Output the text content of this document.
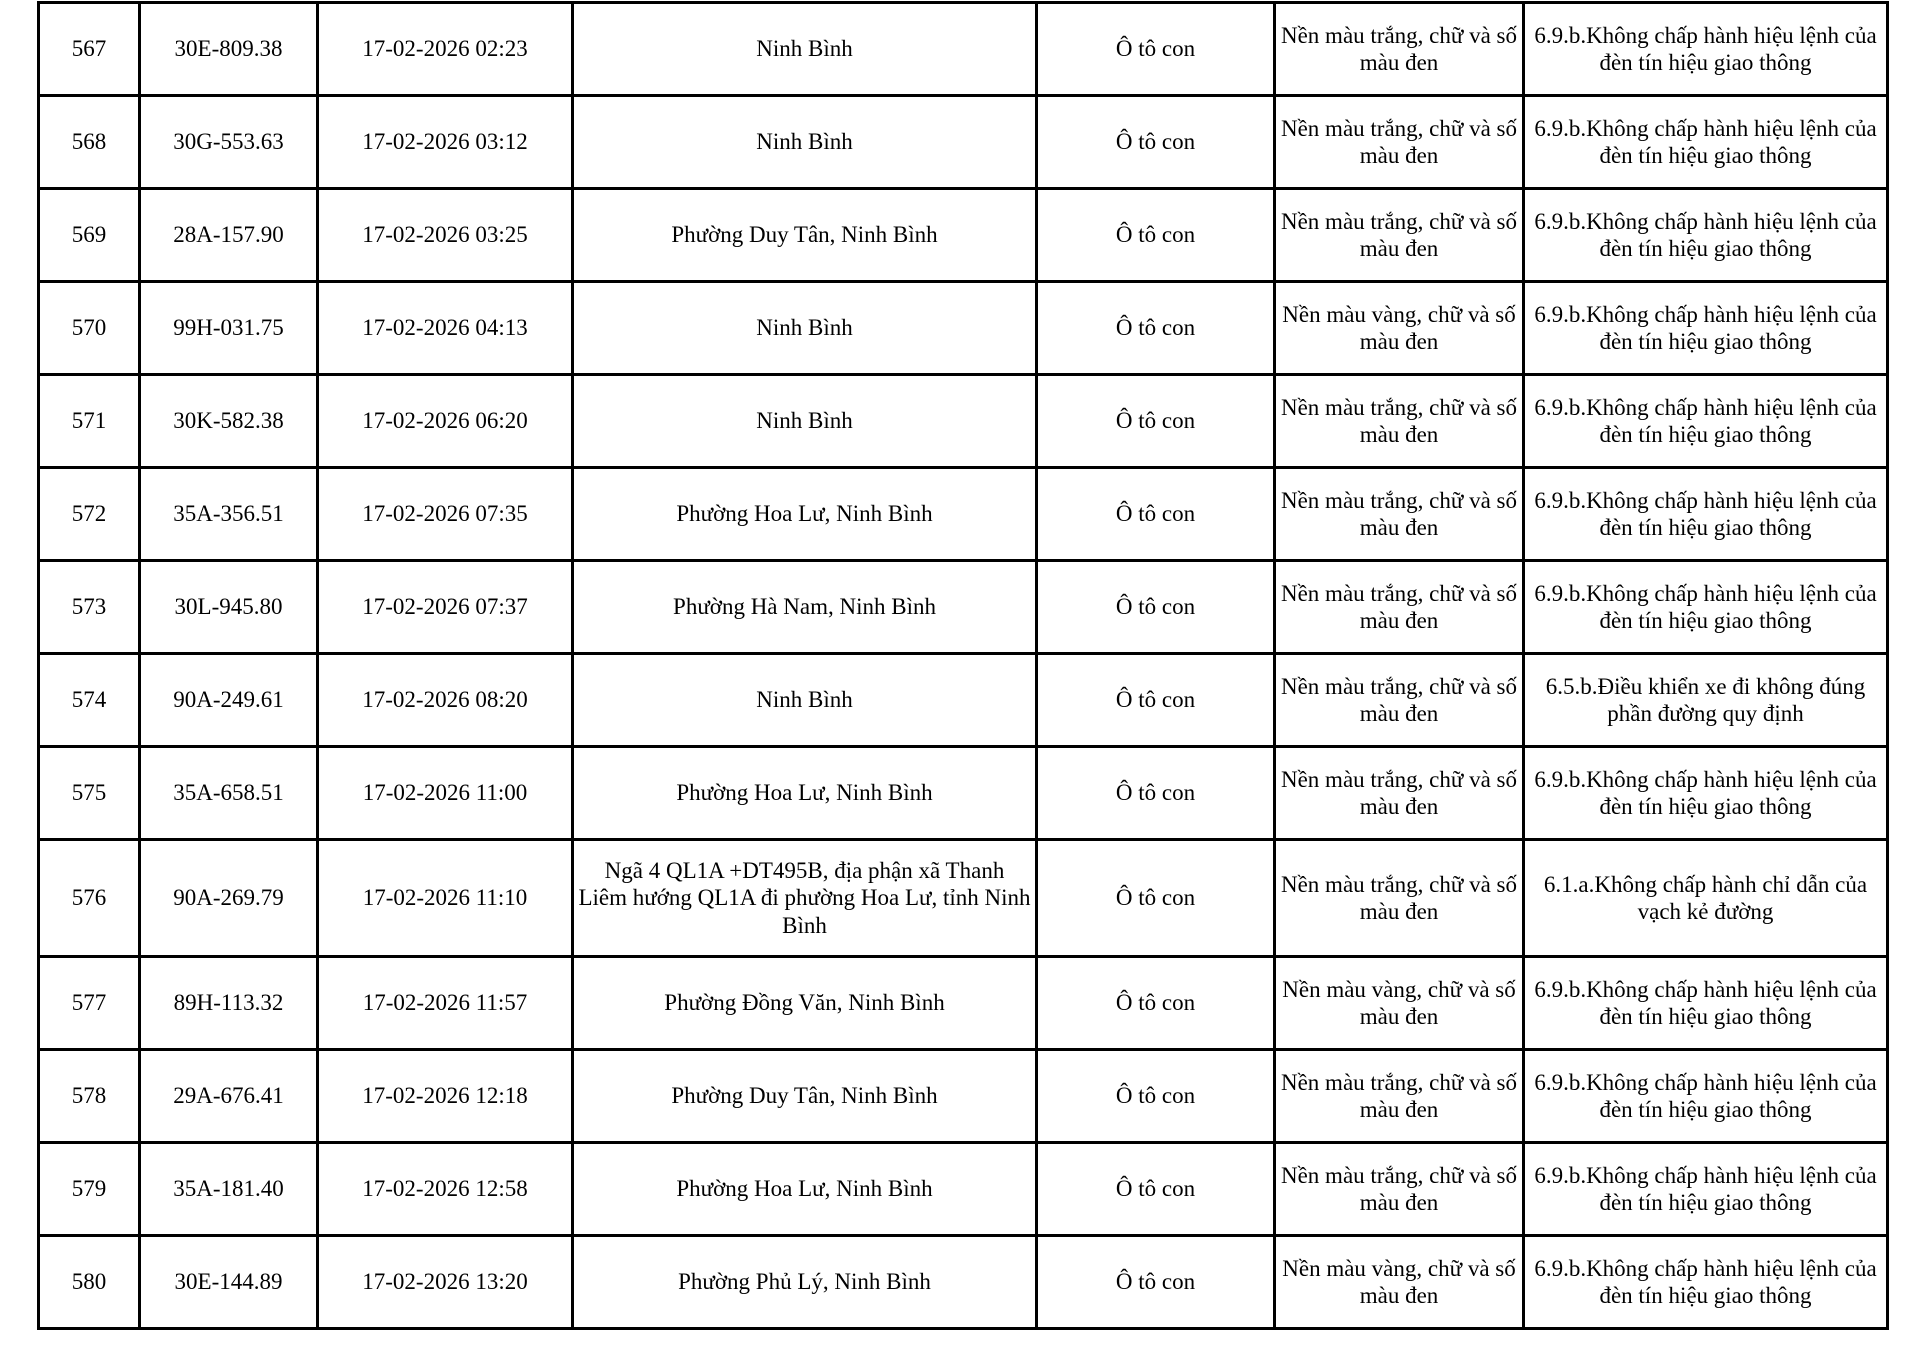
567	30E-809.38	17-02-2026 02:23	Ninh Bình	Ô tô con	Nền màu trắng, chữ và số màu đen	6.9.b.Không chấp hành hiệu lệnh của đèn tín hiệu giao thông
568	30G-553.63	17-02-2026 03:12	Ninh Bình	Ô tô con	Nền màu trắng, chữ và số màu đen	6.9.b.Không chấp hành hiệu lệnh của đèn tín hiệu giao thông
569	28A-157.90	17-02-2026 03:25	Phường Duy Tân, Ninh Bình	Ô tô con	Nền màu trắng, chữ và số màu đen	6.9.b.Không chấp hành hiệu lệnh của đèn tín hiệu giao thông
570	99H-031.75	17-02-2026 04:13	Ninh Bình	Ô tô con	Nền màu vàng, chữ và số màu đen	6.9.b.Không chấp hành hiệu lệnh của đèn tín hiệu giao thông
571	30K-582.38	17-02-2026 06:20	Ninh Bình	Ô tô con	Nền màu trắng, chữ và số màu đen	6.9.b.Không chấp hành hiệu lệnh của đèn tín hiệu giao thông
572	35A-356.51	17-02-2026 07:35	Phường Hoa Lư, Ninh Bình	Ô tô con	Nền màu trắng, chữ và số màu đen	6.9.b.Không chấp hành hiệu lệnh của đèn tín hiệu giao thông
573	30L-945.80	17-02-2026 07:37	Phường Hà Nam, Ninh Bình	Ô tô con	Nền màu trắng, chữ và số màu đen	6.9.b.Không chấp hành hiệu lệnh của đèn tín hiệu giao thông
574	90A-249.61	17-02-2026 08:20	Ninh Bình	Ô tô con	Nền màu trắng, chữ và số màu đen	6.5.b.Điều khiển xe đi không đúng phần đường quy định
575	35A-658.51	17-02-2026 11:00	Phường Hoa Lư, Ninh Bình	Ô tô con	Nền màu trắng, chữ và số màu đen	6.9.b.Không chấp hành hiệu lệnh của đèn tín hiệu giao thông
576	90A-269.79	17-02-2026 11:10	Ngã 4 QL1A +DT495B, địa phận xã Thanh Liêm hướng QL1A đi phường Hoa Lư, tỉnh Ninh Bình	Ô tô con	Nền màu trắng, chữ và số màu đen	6.1.a.Không chấp hành chỉ dẫn của vạch kẻ đường
577	89H-113.32	17-02-2026 11:57	Phường Đồng Văn, Ninh Bình	Ô tô con	Nền màu vàng, chữ và số màu đen	6.9.b.Không chấp hành hiệu lệnh của đèn tín hiệu giao thông
578	29A-676.41	17-02-2026 12:18	Phường Duy Tân, Ninh Bình	Ô tô con	Nền màu trắng, chữ và số màu đen	6.9.b.Không chấp hành hiệu lệnh của đèn tín hiệu giao thông
579	35A-181.40	17-02-2026 12:58	Phường Hoa Lư, Ninh Bình	Ô tô con	Nền màu trắng, chữ và số màu đen	6.9.b.Không chấp hành hiệu lệnh của đèn tín hiệu giao thông
580	30E-144.89	17-02-2026 13:20	Phường Phủ Lý, Ninh Bình	Ô tô con	Nền màu vàng, chữ và số màu đen	6.9.b.Không chấp hành hiệu lệnh của đèn tín hiệu giao thông
